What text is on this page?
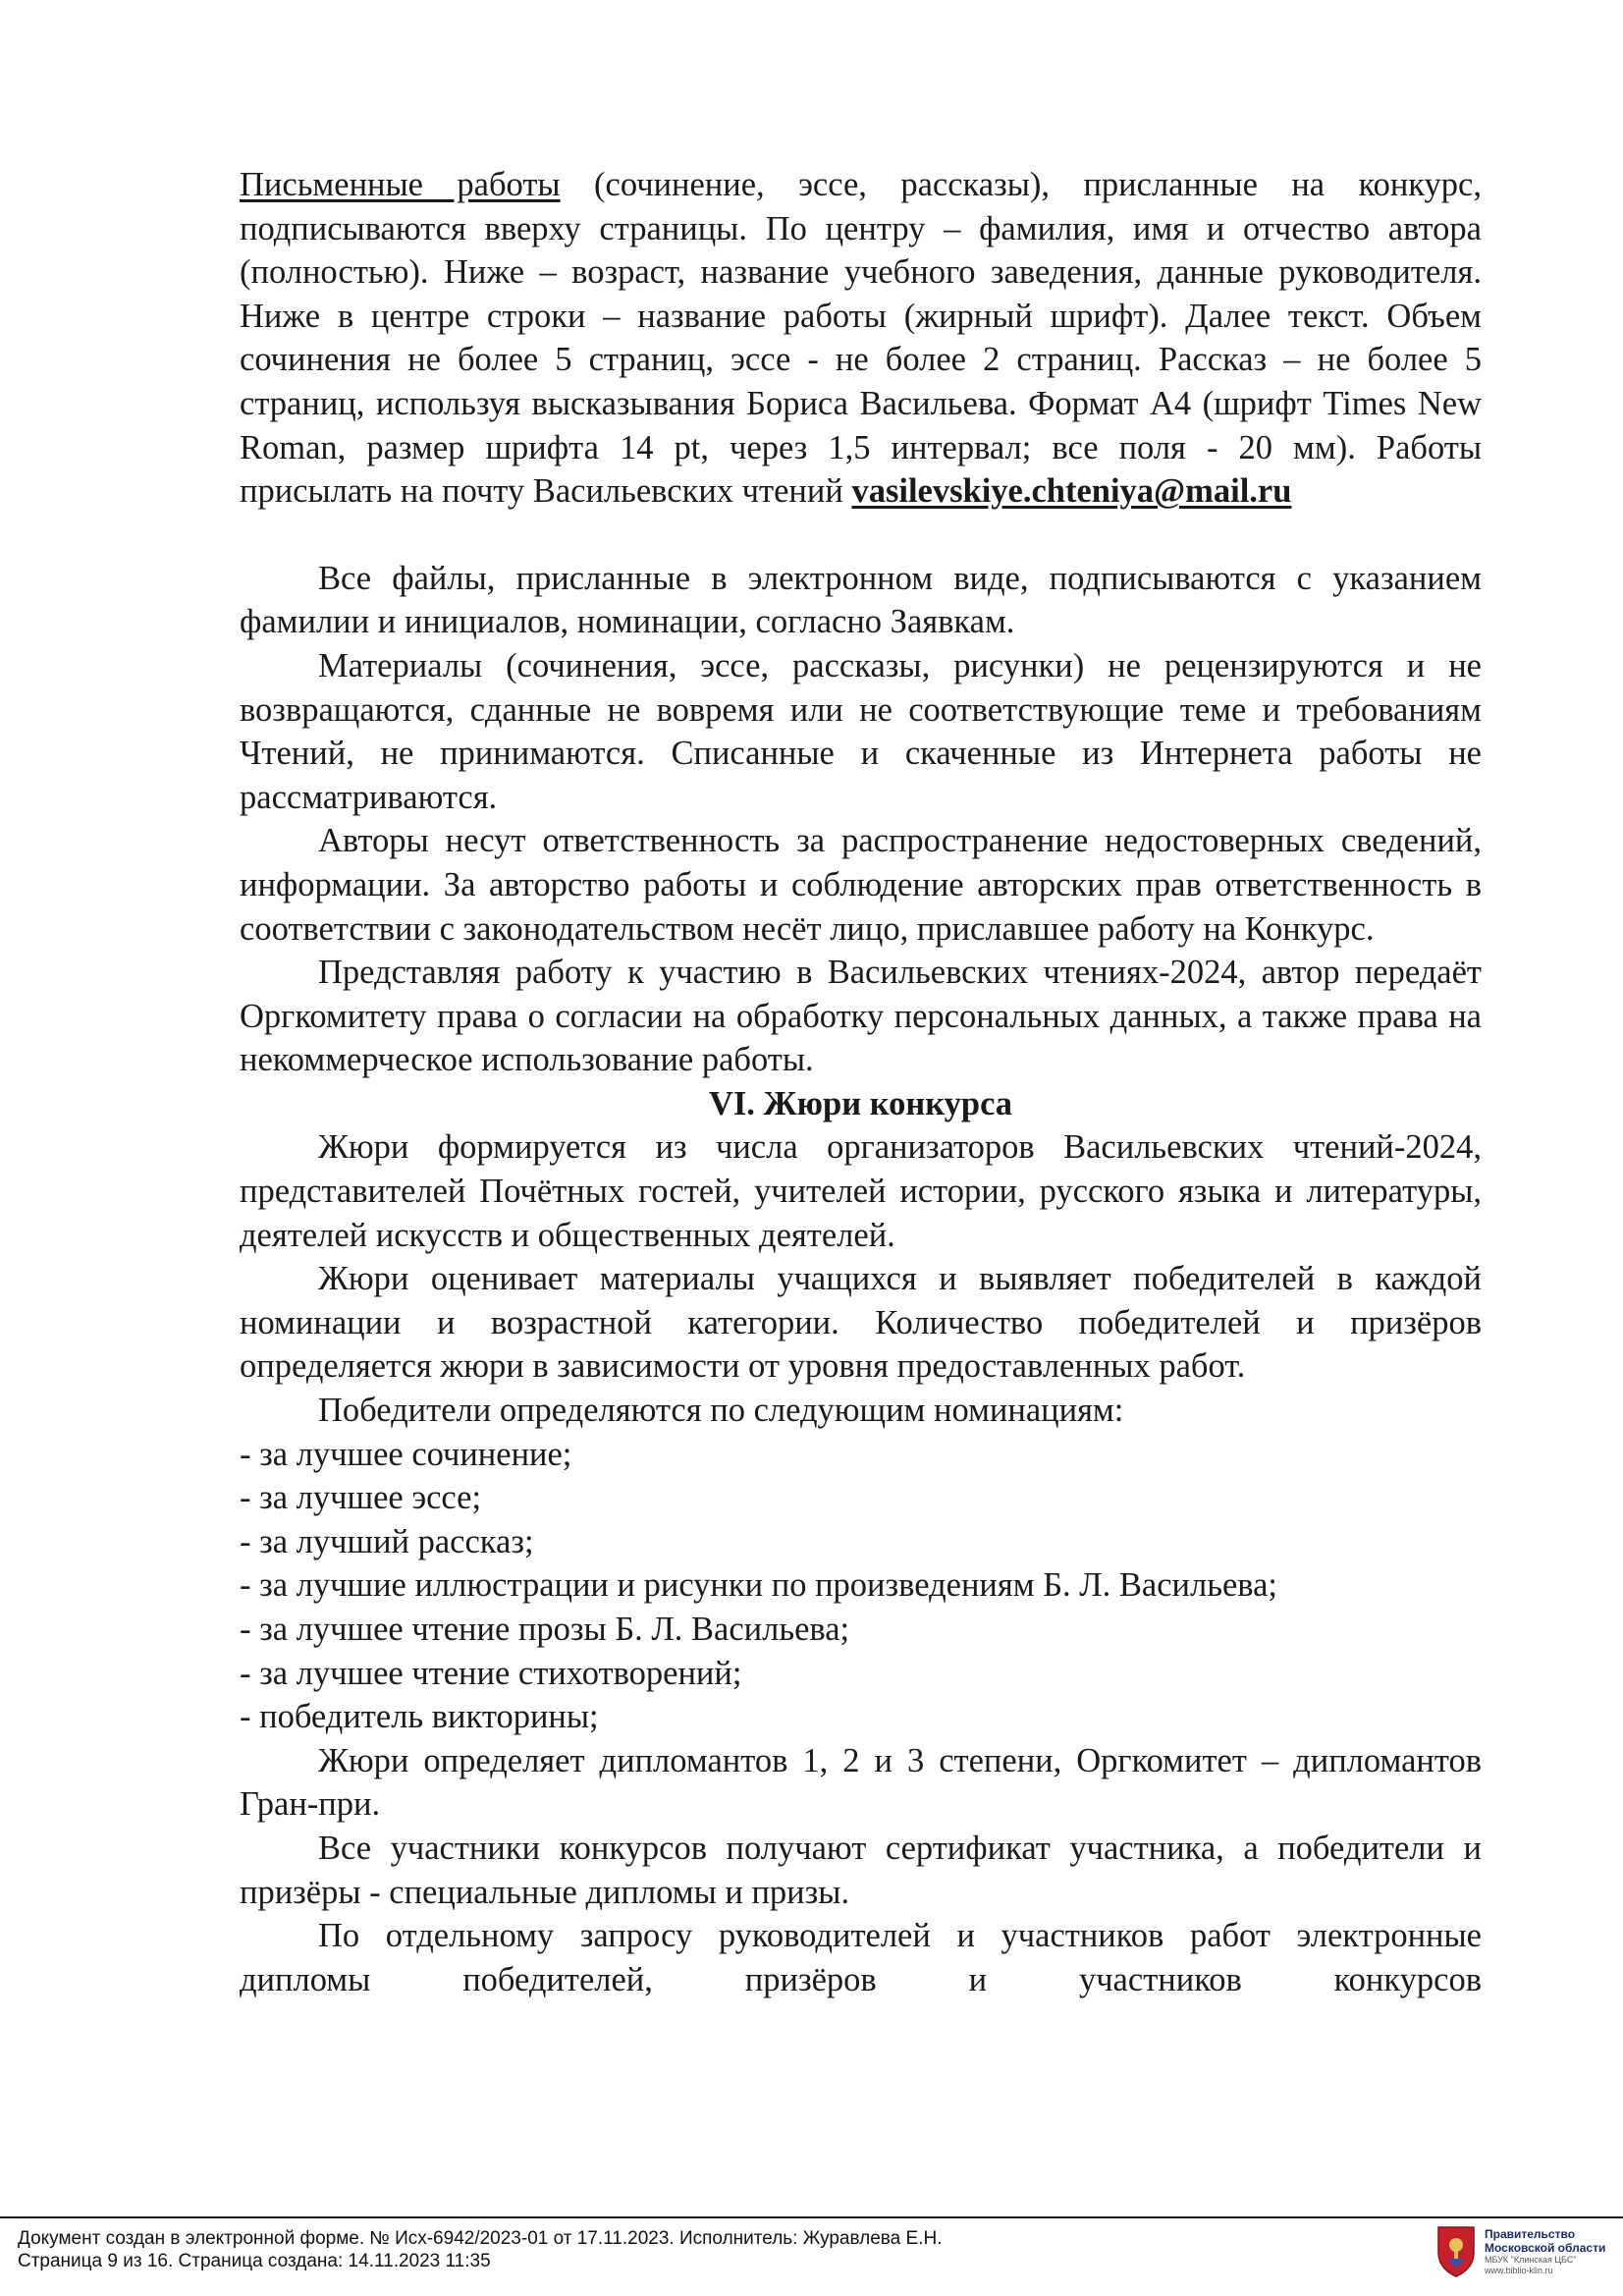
Письменные работы (сочинение, эссе, рассказы), присланные на конкурс, подписываются вверху страницы. По центру – фамилия, имя и отчество автора (полностью). Ниже – возраст, название учебного заведения, данные руководителя. Ниже в центре строки – название работы (жирный шрифт). Далее текст. Объем сочинения не более 5 страниц, эссе - не более 2 страниц. Рассказ – не более 5 страниц, используя высказывания Бориса Васильева. Формат А4 (шрифт Times New Roman, размер шрифта 14 pt, через 1,5 интервал; все поля - 20 мм). Работы присылать на почту Васильевских чтений vasilevskiye.chteniya@mail.ru

Все файлы, присланные в электронном виде, подписываются с указанием фамилии и инициалов, номинации, согласно Заявкам.

Материалы (сочинения, эссе, рассказы, рисунки) не рецензируются и не возвращаются, сданные не вовремя или не соответствующие теме и требованиям Чтений, не принимаются. Списанные и скаченные из Интернета работы не рассматриваются.

Авторы несут ответственность за распространение недостоверных сведений, информации. За авторство работы и соблюдение авторских прав ответственность в соответствии с законодательством несёт лицо, приславшее работу на Конкурс.

Представляя работу к участию в Васильевских чтениях-2024, автор передаёт Оргкомитету права о согласии на обработку персональных данных, а также права на некоммерческое использование работы.

VI. Жюри конкурса

Жюри формируется из числа организаторов Васильевских чтений-2024, представителей Почётных гостей, учителей истории, русского языка и литературы, деятелей искусств и общественных деятелей.

Жюри оценивает материалы учащихся и выявляет победителей в каждой номинации и возрастной категории. Количество победителей и призёров определяется жюри в зависимости от уровня предоставленных работ.

Победители определяются по следующим номинациям:

- за лучшее сочинение;

- за лучшее эссе;

- за лучший рассказ;

- за лучшие иллюстрации и рисунки по произведениям Б. Л. Васильева;

- за лучшее чтение прозы Б. Л. Васильева;

- за лучшее чтение стихотворений;

- победитель викторины;

Жюри определяет дипломантов 1, 2 и 3 степени, Оргкомитет – дипломантов Гран-при.

Все участники конкурсов получают сертификат участника, а победители и призёры - специальные дипломы и призы.

По отдельному запросу руководителей и участников работ электронные дипломы победителей, призёров и участников конкурсов

Документ создан в электронной форме. № Исх-6942/2023-01 от 17.11.2023. Исполнитель: Журавлева Е.Н.
Страница 9 из 16. Страница создана: 14.11.2023 11:35
Правительство
Московской области
МБУК "Клинская ЦБС"
www.biblio-klin.ru
